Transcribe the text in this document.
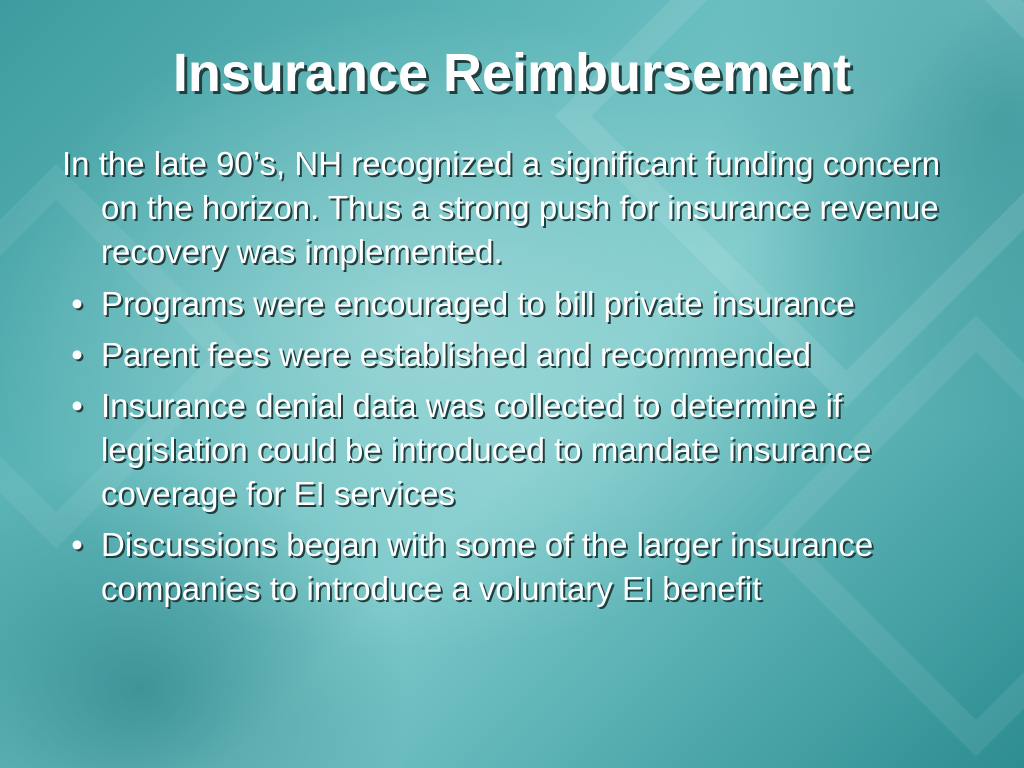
Insurance Reimbursement

In the late 90’s, NH recognized a significant funding concern on the horizon. Thus a strong push for insurance revenue recovery was implemented.

• Programs were encouraged to bill private insurance
• Parent fees were established and recommended
• Insurance denial data was collected to determine if legislation could be introduced to mandate insurance coverage for EI services
• Discussions began with some of the larger insurance companies to introduce a voluntary EI benefit
